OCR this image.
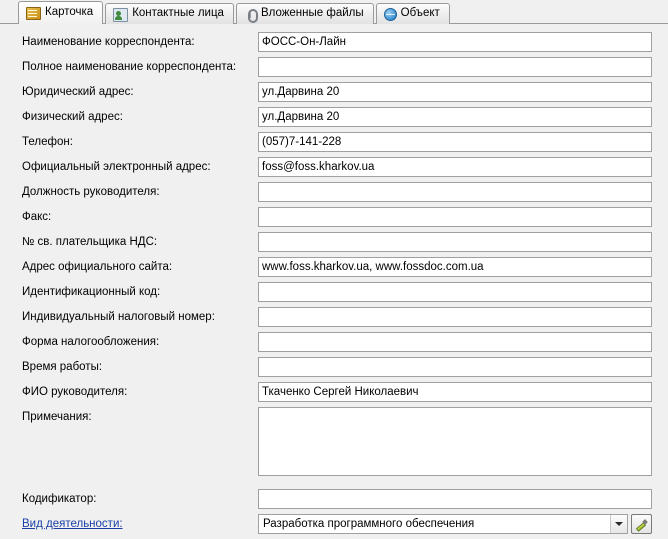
Карточка	Контактные лица	Вложенные файлы	Объект
Наименование корреспондента:
ФОСС-Он-Лайн
Полное наименование корреспондента:
Юридический адрес:
ул.Дарвина 20
Физический адрес:
ул.Дарвина 20
Телефон:
(057)7-141-228
Официальный электронный адрес:
foss@foss.kharkov.ua
Должность руководителя:
Факс:
№ св. плательщика НДС:
Адрес официального сайта:
www.foss.kharkov.ua, www.fossdoc.com.ua
Идентификационный код:
Индивидуальный налоговый номер:
Форма налогообложения:
Время работы:
ФИО руководителя:
Ткаченко Сергей Николаевич
Примечания:
Кодификатор:
Вид деятельности:	Разработка программного обеспечения
